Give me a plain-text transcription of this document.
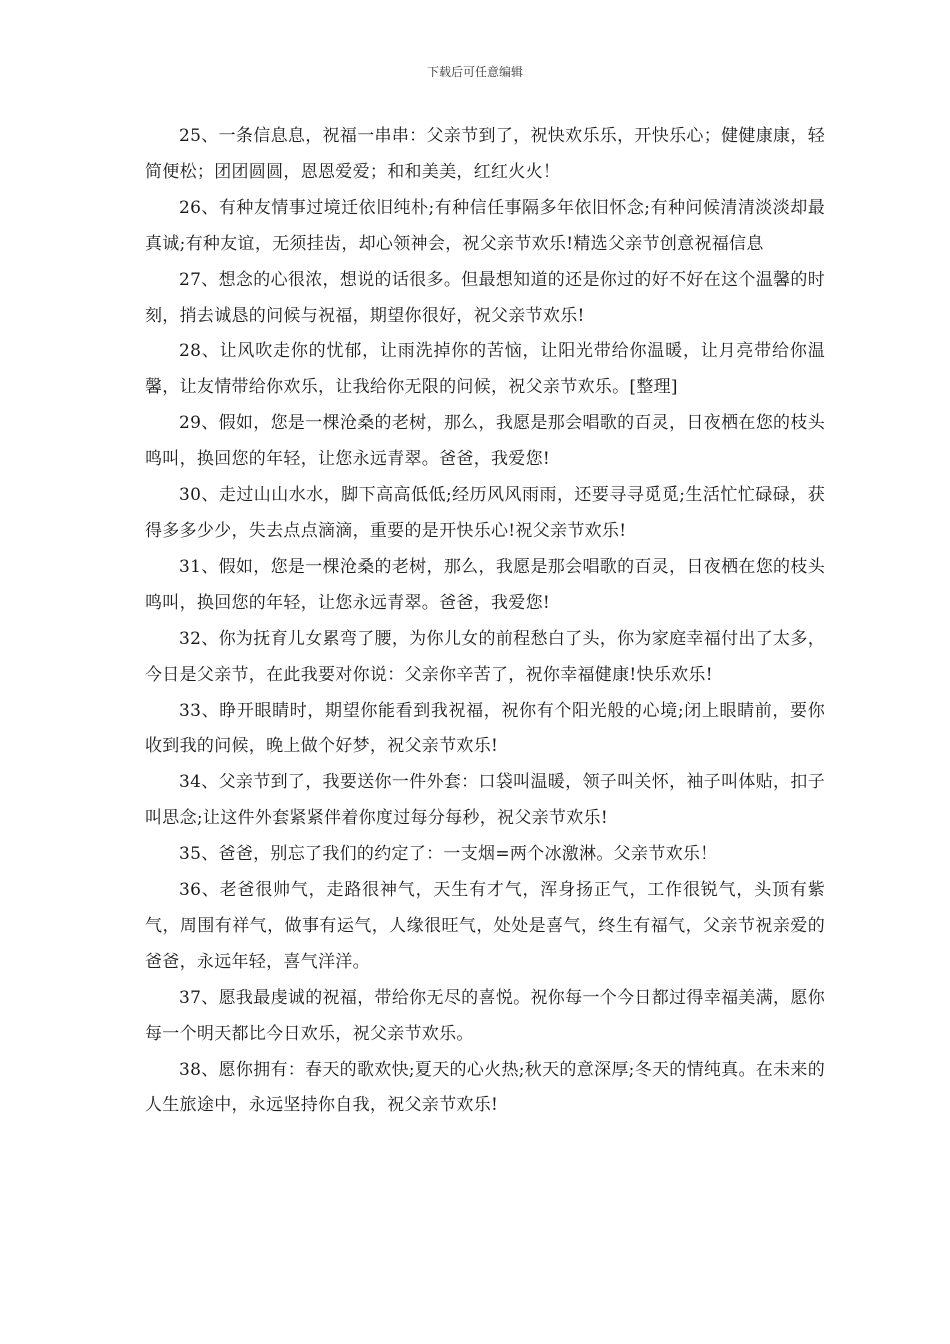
下载后可任意编辑

25、一条信息息，祝福一串串：父亲节到了，祝快欢乐乐，开快乐心；健健康康，轻简便松；团团圆圆，恩恩爱爱；和和美美，红红火火！

26、有种友情事过境迁依旧纯朴;有种信任事隔多年依旧怀念;有种问候清清淡淡却最真诚;有种友谊，无须挂齿，却心领神会，祝父亲节欢乐!精选父亲节创意祝福信息

27、想念的心很浓，想说的话很多。但最想知道的还是你过的好不好在这个温馨的时刻，捎去诚恳的问候与祝福，期望你很好，祝父亲节欢乐!

28、让风吹走你的忧郁，让雨洗掉你的苦恼，让阳光带给你温暖，让月亮带给你温馨，让友情带给你欢乐，让我给你无限的问候，祝父亲节欢乐。[整理]

29、假如，您是一棵沧桑的老树，那么，我愿是那会唱歌的百灵，日夜栖在您的枝头鸣叫，换回您的年轻，让您永远青翠。爸爸，我爱您!

30、走过山山水水，脚下高高低低;经历风风雨雨，还要寻寻觅觅;生活忙忙碌碌，获得多多少少，失去点点滴滴，重要的是开快乐心!祝父亲节欢乐!

31、假如，您是一棵沧桑的老树，那么，我愿是那会唱歌的百灵，日夜栖在您的枝头鸣叫，换回您的年轻，让您永远青翠。爸爸，我爱您!

32、你为抚育儿女累弯了腰，为你儿女的前程愁白了头，你为家庭幸福付出了太多，今日是父亲节，在此我要对你说：父亲你辛苦了，祝你幸福健康!快乐欢乐!

33、睁开眼睛时，期望你能看到我祝福，祝你有个阳光般的心境;闭上眼睛前，要你收到我的问候，晚上做个好梦，祝父亲节欢乐!

34、父亲节到了，我要送你一件外套：口袋叫温暖，领子叫关怀，袖子叫体贴，扣子叫思念;让这件外套紧紧伴着你度过每分每秒，祝父亲节欢乐!

35、爸爸，别忘了我们的约定了：一支烟=两个冰激淋。父亲节欢乐！

36、老爸很帅气，走路很神气，天生有才气，浑身扬正气，工作很锐气，头顶有紫气，周围有祥气，做事有运气，人缘很旺气，处处是喜气，终生有福气，父亲节祝亲爱的爸爸，永远年轻，喜气洋洋。

37、愿我最虔诚的祝福，带给你无尽的喜悦。祝你每一个今日都过得幸福美满，愿你每一个明天都比今日欢乐，祝父亲节欢乐。

38、愿你拥有：春天的歌欢快;夏天的心火热;秋天的意深厚;冬天的情纯真。在未来的人生旅途中，永远坚持你自我，祝父亲节欢乐!
